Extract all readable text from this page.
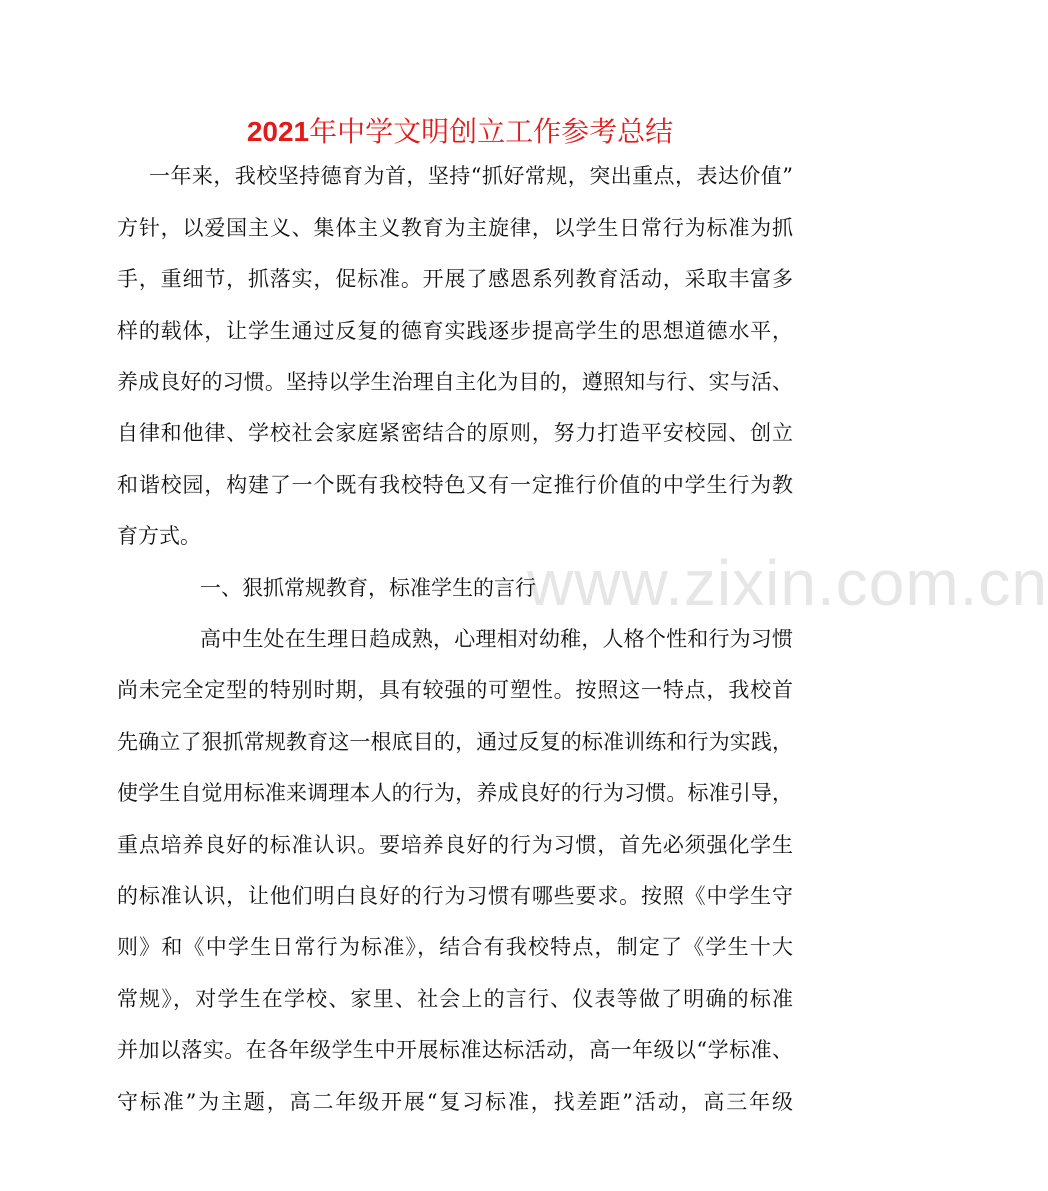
www.zixin.com.cn
2021年中学文明创立工作参考总结

一年来，我校坚持德育为首，坚持“抓好常规，突出重点，表达价值”

方针，以爱国主义、集体主义教育为主旋律，以学生日常行为标准为抓

手，重细节，抓落实，促标准。开展了感恩系列教育活动，采取丰富多

样的载体，让学生通过反复的德育实践逐步提高学生的思想道德水平，

养成良好的习惯。坚持以学生治理自主化为目的，遵照知与行、实与活、

自律和他律、学校社会家庭紧密结合的原则，努力打造平安校园、创立

和谐校园，构建了一个既有我校特色又有一定推行价值的中学生行为教

育方式。

一、狠抓常规教育，标准学生的言行

高中生处在生理日趋成熟，心理相对幼稚，人格个性和行为习惯

尚未完全定型的特别时期，具有较强的可塑性。按照这一特点，我校首

先确立了狠抓常规教育这一根底目的，通过反复的标准训练和行为实践，

使学生自觉用标准来调理本人的行为，养成良好的行为习惯。标准引导，

重点培养良好的标准认识。要培养良好的行为习惯，首先必须强化学生

的标准认识，让他们明白良好的行为习惯有哪些要求。按照《中学生守

则》和《中学生日常行为标准》，结合有我校特点，制定了《学生十大

常规》，对学生在学校、家里、社会上的言行、仪表等做了明确的标准

并加以落实。在各年级学生中开展标准达标活动，高一年级以“学标准、

守标准”为主题，高二年级开展“复习标准，找差距”活动，高三年级
